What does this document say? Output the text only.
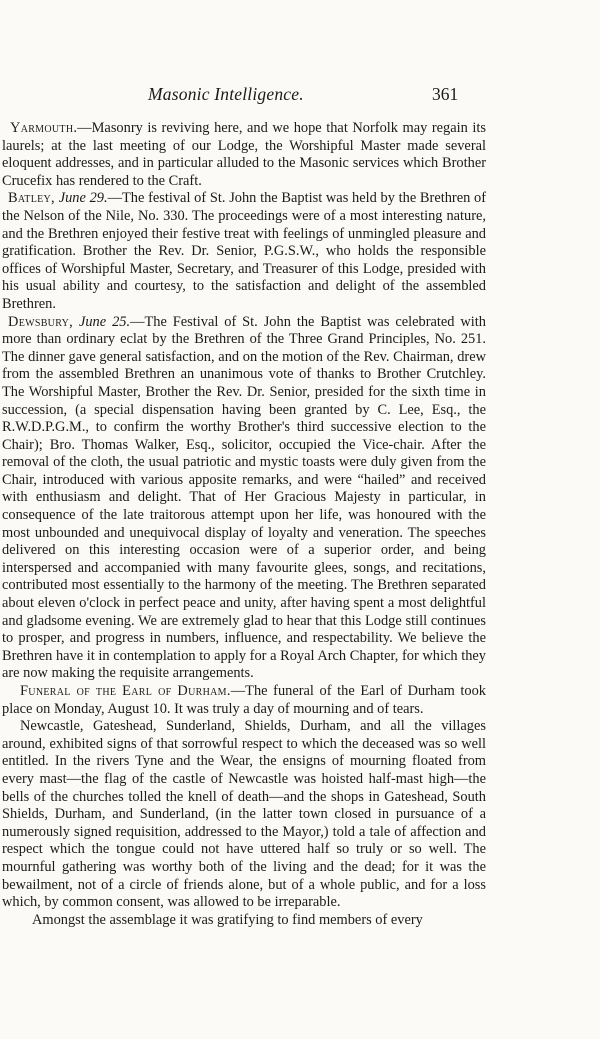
Masonic Intelligence.	361

Yarmouth.—Masonry is reviving here, and we hope that Norfolk may regain its laurels; at the last meeting of our Lodge, the Worshipful Master made several eloquent addresses, and in particular alluded to the Masonic services which Brother Crucefix has rendered to the Craft.

Batley, June 29.—The festival of St. John the Baptist was held by the Brethren of the Nelson of the Nile, No. 330. The proceedings were of a most interesting nature, and the Brethren enjoyed their festive treat with feelings of unmingled pleasure and gratification. Brother the Rev. Dr. Senior, P.G.S.W., who holds the responsible offices of Worshipful Master, Secretary, and Treasurer of this Lodge, presided with his usual ability and courtesy, to the satisfaction and delight of the assembled Brethren.

Dewsbury, June 25.—The Festival of St. John the Baptist was celebrated with more than ordinary eclat by the Brethren of the Three Grand Principles, No. 251. The dinner gave general satisfaction, and on the motion of the Rev. Chairman, drew from the assembled Brethren an unanimous vote of thanks to Brother Crutchley. The Worshipful Master, Brother the Rev. Dr. Senior, presided for the sixth time in succession, (a special dispensation having been granted by C. Lee, Esq., the R.W.D.P.G.M., to confirm the worthy Brother's third successive election to the Chair); Bro. Thomas Walker, Esq., solicitor, occupied the Vice-chair. After the removal of the cloth, the usual patriotic and mystic toasts were duly given from the Chair, introduced with various apposite remarks, and were “hailed” and received with enthusiasm and delight. That of Her Gracious Majesty in particular, in consequence of the late traitorous attempt upon her life, was honoured with the most unbounded and unequivocal display of loyalty and veneration. The speeches delivered on this interesting occasion were of a superior order, and being interspersed and accompanied with many favourite glees, songs, and recitations, contributed most essentially to the harmony of the meeting. The Brethren separated about eleven o'clock in perfect peace and unity, after having spent a most delightful and gladsome evening. We are extremely glad to hear that this Lodge still continues to prosper, and progress in numbers, influence, and respectability. We believe the Brethren have it in contemplation to apply for a Royal Arch Chapter, for which they are now making the requisite arrangements.

Funeral of the Earl of Durham.—The funeral of the Earl of Durham took place on Monday, August 10. It was truly a day of mourning and of tears.

Newcastle, Gateshead, Sunderland, Shields, Durham, and all the villages around, exhibited signs of that sorrowful respect to which the deceased was so well entitled. In the rivers Tyne and the Wear, the ensigns of mourning floated from every mast—the flag of the castle of Newcastle was hoisted half-mast high—the bells of the churches tolled the knell of death—and the shops in Gateshead, South Shields, Durham, and Sunderland, (in the latter town closed in pursuance of a numerously signed requisition, addressed to the Mayor,) told a tale of affection and respect which the tongue could not have uttered half so truly or so well. The mournful gathering was worthy both of the living and the dead; for it was the bewailment, not of a circle of friends alone, but of a whole public, and for a loss which, by common consent, was allowed to be irreparable.

Amongst the assemblage it was gratifying to find members of every
